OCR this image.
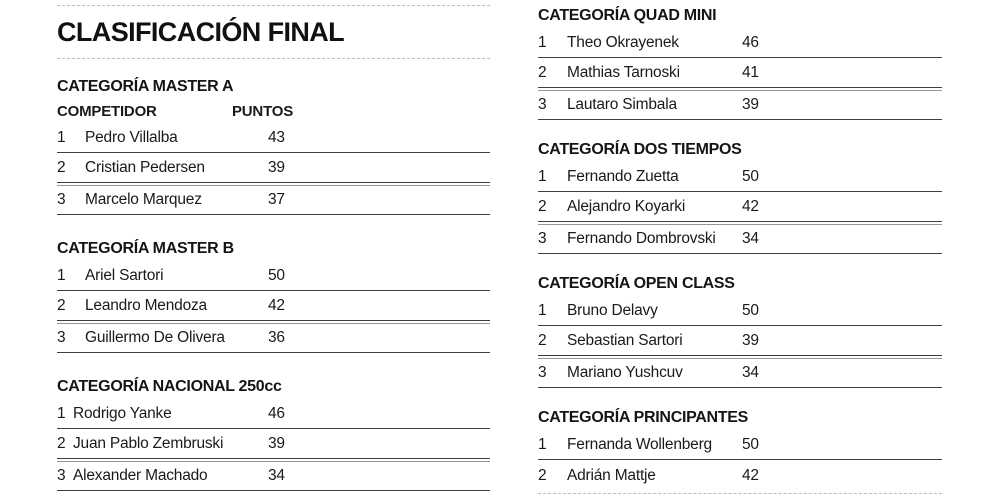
CLASIFICACIÓN FINAL
CATEGORÍA MASTER A
COMPETIDOR	PUNTOS
1	Pedro Villalba	43
2	Cristian Pedersen	39
3	Marcelo Marquez	37
CATEGORÍA MASTER B
1	Ariel Sartori	50
2	Leandro Mendoza	42
3	Guillermo De Olivera	36
CATEGORÍA NACIONAL 250cc
1 Rodrigo Yanke	46
2 Juan Pablo Zembruski	39
3 Alexander Machado	34
CATEGORÍA QUAD MINI
1	Theo Okrayenek	46
2	Mathias Tarnoski	41
3	Lautaro Simbala	39
CATEGORÍA DOS TIEMPOS
1	Fernando Zuetta	50
2	Alejandro Koyarki	42
3	Fernando Dombrovski	34
CATEGORÍA OPEN CLASS
1	Bruno Delavy	50
2	Sebastian Sartori	39
3	Mariano Yushcuv	34
CATEGORÍA PRINCIPANTES
1	Fernanda Wollenberg	50
2	Adrián Mattje	42
